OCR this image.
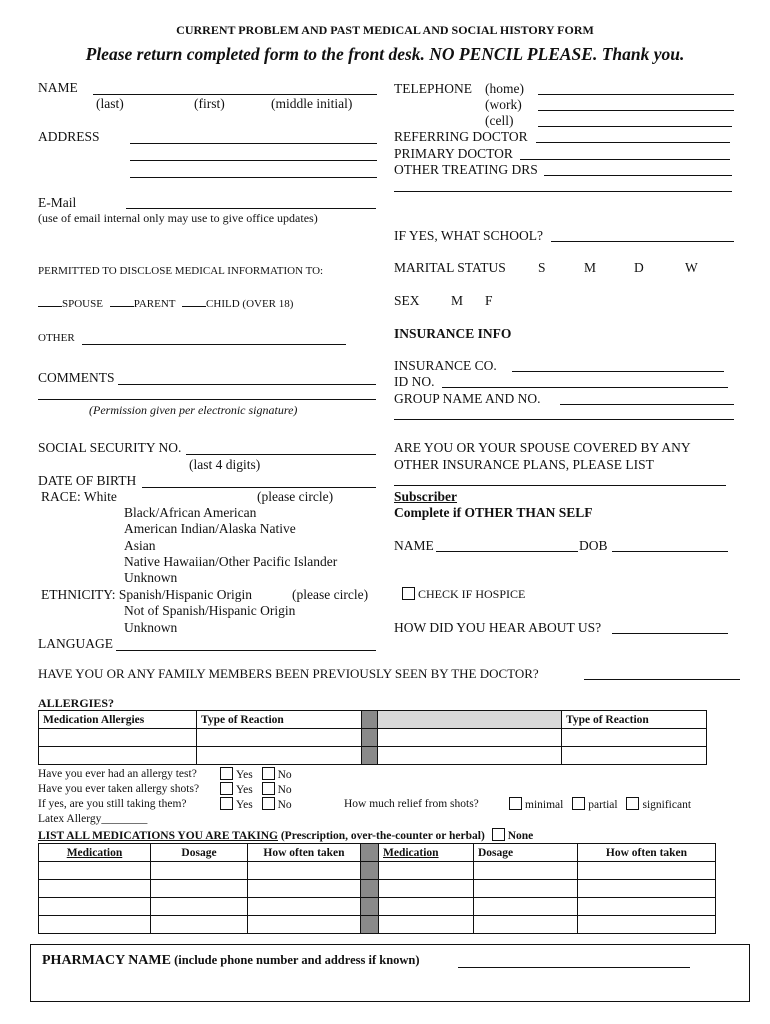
CURRENT PROBLEM AND PAST MEDICAL AND SOCIAL HISTORY FORM
Please return completed form to the front desk. NO PENCIL PLEASE. Thank you.
NAME
(last)	(first)	(middle initial)
ADDRESS
E-Mail
(use of email internal only may use to give office updates)
PERMITTED TO DISCLOSE MEDICAL INFORMATION TO:
SPOUSE	PARENT	CHILD (OVER 18)
OTHER
COMMENTS
(Permission given per electronic signature)
SOCIAL SECURITY NO.
(last 4 digits)
DATE OF BIRTH
RACE: White	(please circle)
Black/African American
American Indian/Alaska Native
Asian
Native Hawaiian/Other Pacific Islander
Unknown
ETHNICITY: Spanish/Hispanic Origin	(please circle)
Not of Spanish/Hispanic Origin
Unknown
LANGUAGE
TELEPHONE (home)
(work)
(cell)
REFERRING DOCTOR
PRIMARY DOCTOR
OTHER TREATING DRS
IF YES, WHAT SCHOOL?
MARITAL STATUS S	M	D	W
SEX M F
INSURANCE INFO
INSURANCE CO.
ID NO.
GROUP NAME AND NO.
ARE YOU OR YOUR SPOUSE COVERED BY ANY
OTHER INSURANCE PLANS, PLEASE LIST
Subscriber
Complete if OTHER THAN SELF
NAME	DOB
CHECK IF HOSPICE
HOW DID YOU HEAR ABOUT US?
HAVE YOU OR ANY FAMILY MEMBERS BEEN PREVIOUSLY SEEN BY THE DOCTOR?
ALLERGIES?
Medication Allergies	Type of Reaction			Type of Reaction

Have you ever had an allergy test?	Yes No
Have you ever taken allergy shots?	Yes No
If yes, are you still taking them?	Yes No	How much relief from shots?	minimal partial significant
Latex Allergy________
LIST ALL MEDICATIONS YOU ARE TAKING (Prescription, over-the-counter or herbal) None
Medication	Dosage	How often taken		Medication	Dosage	How often taken

PHARMACY NAME (include phone number and address if known)
